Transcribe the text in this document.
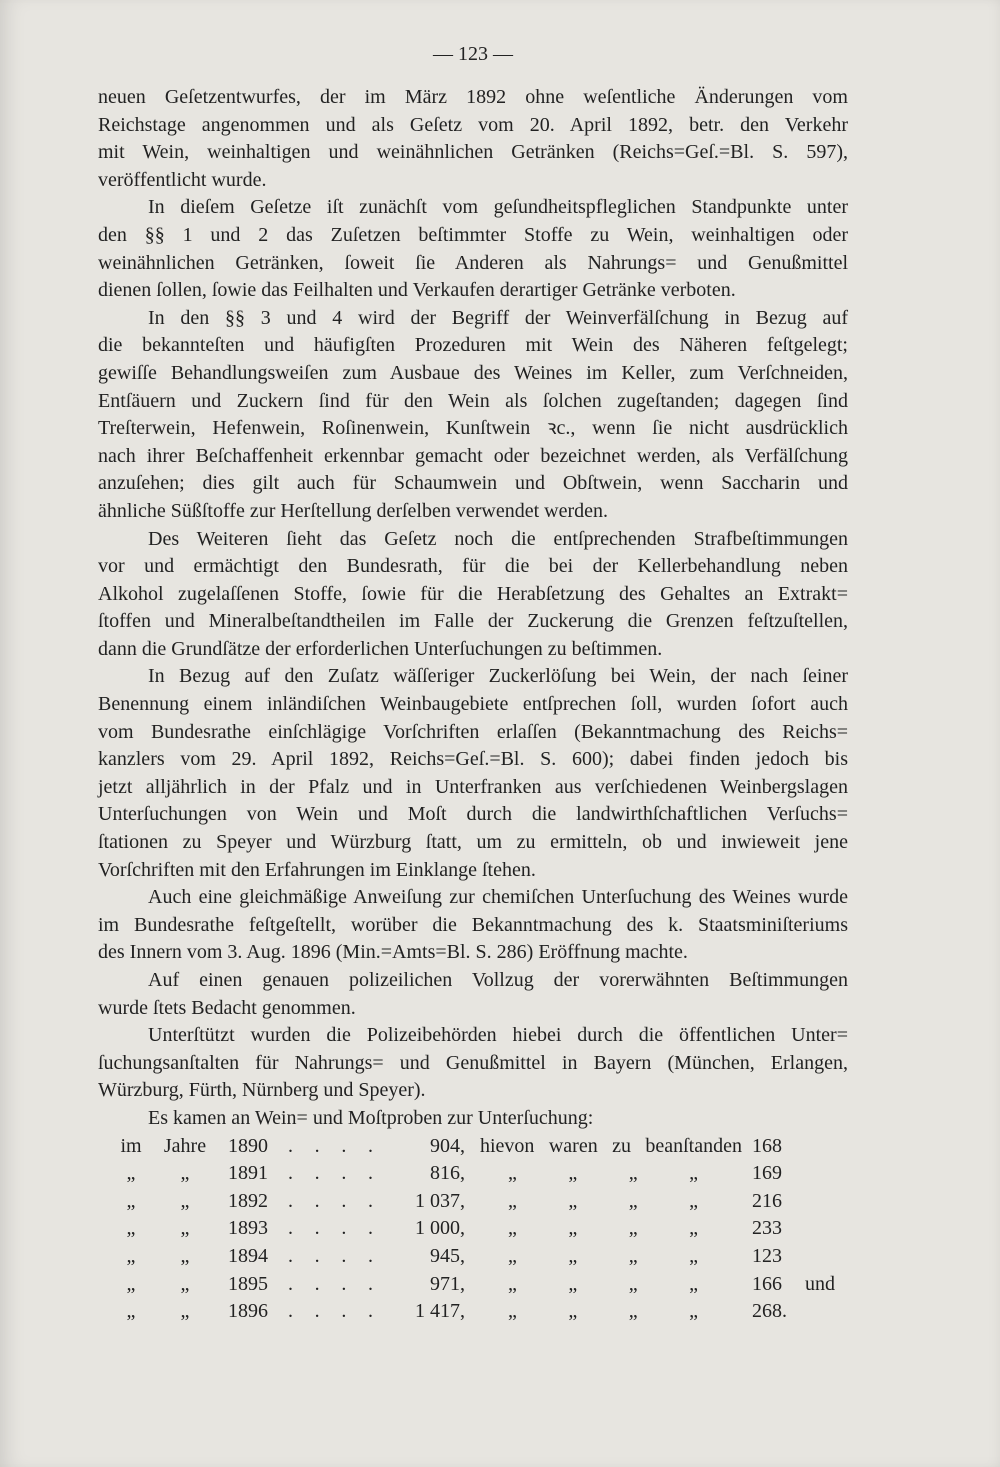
— 123 —
neuen Geſetzentwurfes, der im März 1892 ohne weſentliche Änderungen vom
Reichstage angenommen und als Geſetz vom 20. April 1892, betr. den Verkehr
mit Wein, weinhaltigen und weinähnlichen Getränken (Reichs=Geſ.=Bl. S. 597),
veröffentlicht wurde.
In dieſem Geſetze iſt zunächſt vom geſundheitspfleglichen Standpunkte unter
den §§ 1 und 2 das Zuſetzen beſtimmter Stoffe zu Wein, weinhaltigen oder
weinähnlichen Getränken, ſoweit ſie Anderen als Nahrungs= und Genußmittel
dienen ſollen, ſowie das Feilhalten und Verkaufen derartiger Getränke verboten.
In den §§ 3 und 4 wird der Begriff der Weinverfälſchung in Bezug auf
die bekannteſten und häufigſten Prozeduren mit Wein des Näheren feſtgelegt;
gewiſſe Behandlungsweiſen zum Ausbaue des Weines im Keller, zum Verſchneiden,
Entſäuern und Zuckern ſind für den Wein als ſolchen zugeſtanden; dagegen ſind
Treſterwein, Hefenwein, Roſinenwein, Kunſtwein ꝛc., wenn ſie nicht ausdrücklich
nach ihrer Beſchaffenheit erkennbar gemacht oder bezeichnet werden, als Verfälſchung
anzuſehen; dies gilt auch für Schaumwein und Obſtwein, wenn Saccharin und
ähnliche Süßſtoffe zur Herſtellung derſelben verwendet werden.
Des Weiteren ſieht das Geſetz noch die entſprechenden Strafbeſtimmungen
vor und ermächtigt den Bundesrath, für die bei der Kellerbehandlung neben
Alkohol zugelaſſenen Stoffe, ſowie für die Herabſetzung des Gehaltes an Extrakt=
ſtoffen und Mineralbeſtandtheilen im Falle der Zuckerung die Grenzen feſtzuſtellen,
dann die Grundſätze der erforderlichen Unterſuchungen zu beſtimmen.
In Bezug auf den Zuſatz wäſſeriger Zuckerlöſung bei Wein, der nach ſeiner
Benennung einem inländiſchen Weinbaugebiete entſprechen ſoll, wurden ſofort auch
vom Bundesrathe einſchlägige Vorſchriften erlaſſen (Bekanntmachung des Reichs=
kanzlers vom 29. April 1892, Reichs=Geſ.=Bl. S. 600); dabei finden jedoch bis
jetzt alljährlich in der Pfalz und in Unterfranken aus verſchiedenen Weinbergslagen
Unterſuchungen von Wein und Moſt durch die landwirthſchaftlichen Verſuchs=
ſtationen zu Speyer und Würzburg ſtatt, um zu ermitteln, ob und inwieweit jene
Vorſchriften mit den Erfahrungen im Einklange ſtehen.
Auch eine gleichmäßige Anweiſung zur chemiſchen Unterſuchung des Weines wurde
im Bundesrathe feſtgeſtellt, worüber die Bekanntmachung des k. Staatsminiſteriums
des Innern vom 3. Aug. 1896 (Min.=Amts=Bl. S. 286) Eröffnung machte.
Auf einen genauen polizeilichen Vollzug der vorerwähnten Beſtimmungen
wurde ſtets Bedacht genommen.
Unterſtützt wurden die Polizeibehörden hiebei durch die öffentlichen Unter=
ſuchungsanſtalten für Nahrungs= und Genußmittel in Bayern (München, Erlangen,
Würzburg, Fürth, Nürnberg und Speyer).
Es kamen an Wein= und Moſtproben zur Unterſuchung:
im Jahre 1890 . . . .	904, hievon waren zu beanſtanden 168
„	„	1891 . . . .	816, „	„	„	„	169
„	„	1892 . . . .	1 037, „	„	„	„	216
„	„	1893 . . . .	1 000, „	„	„	„	233
„	„	1894 . . . .	945, „	„	„	„	123
„	„	1895 . . . .	971, „	„	„	„	166 und
„	„	1896 . . . .	1 417, „	„	„	„	268.
